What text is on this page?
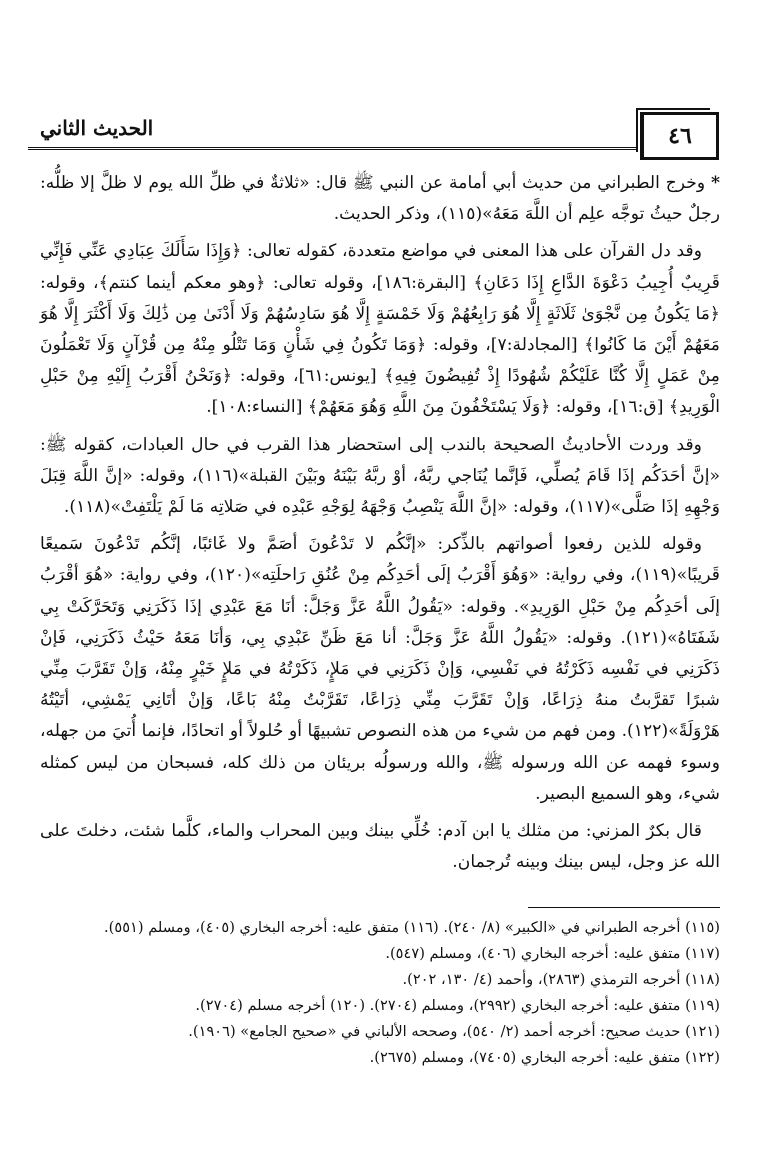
٤٦
الحديث الثاني

* وخرج الطبراني من حديث أبي أمامة عن النبي ﷺ قال: «ثلاثةٌ في ظلِّ الله يوم لا ظلَّ إلا ظلُّه: رجلٌ حيثُ توجَّه علِم أن اللَّهَ مَعَهُ»(١١٥)، وذكر الحديث.

وقد دل القرآن على هذا المعنى في مواضع متعددة، كقوله تعالى: ﴿وَإِذَا سَأَلَكَ عِبَادِي عَنِّي فَإِنِّي قَرِيبٌ أُجِيبُ دَعْوَةَ الدَّاعِ إِذَا دَعَانِ﴾ [البقرة:١٨٦]، وقوله تعالى: ﴿وهو معكم أينما كنتم﴾، وقوله: ﴿مَا يَكُونُ مِن نَّجْوَىٰ ثَلَاثَةٍ إِلَّا هُوَ رَابِعُهُمْ وَلَا خَمْسَةٍ إِلَّا هُوَ سَادِسُهُمْ وَلَا أَدْنَىٰ مِن ذَٰلِكَ وَلَا أَكْثَرَ إِلَّا هُوَ مَعَهُمْ أَيْنَ مَا كَانُوا﴾ [المجادلة:٧]، وقوله: ﴿وَمَا تَكُونُ فِي شَأْنٍ وَمَا تَتْلُو مِنْهُ مِن قُرْآنٍ وَلَا تَعْمَلُونَ مِنْ عَمَلٍ إِلَّا كُنَّا عَلَيْكُمْ شُهُودًا إِذْ تُفِيضُونَ فِيهِ﴾ [يونس:٦١]، وقوله: ﴿وَنَحْنُ أَقْرَبُ إِلَيْهِ مِنْ حَبْلِ الْوَرِيدِ﴾ [ق:١٦]، وقوله: ﴿وَلَا يَسْتَخْفُونَ مِنَ اللَّهِ وَهُوَ مَعَهُمْ﴾ [النساء:١٠٨].

وقد وردت الأحاديثُ الصحيحة بالندب إلى استحضار هذا القرب في حال العبادات، كقوله ﷺ: «إنَّ أحَدَكُم إذَا قَامَ يُصلِّي، فَإنَّما يُنَاجي ربَّهُ، أوْ ربَّهُ بَيْنَهُ وبَيْنَ القبلة»(١١٦)، وقوله: «إنَّ اللَّهَ قِبَلَ وَجْهِهِ إذَا صَلَّى»(١١٧)، وقوله: «إنَّ اللَّهَ يَنْصِبُ وَجْهَهُ لِوَجْهِ عَبْدِه في صَلاتِه مَا لَمْ يَلْتَفِتْ»(١١٨).

وقوله للذين رفعوا أصواتهم بالذِّكر: «إنَّكُم لا تَدْعُونَ أصَمَّ ولا غَائبًا، إنَّكُم تَدْعُونَ سَميعًا قَريبًا»(١١٩)، وفي رواية: «وَهُوَ أَقْرَبُ إلَى أحَدِكُم مِنْ عُنُقِ رَاحلَتِه»(١٢٠)، وفي رواية: «هُوَ أقْرَبُ إلَى أحَدِكُم مِنْ حَبْلِ الوَرِيدِ». وقوله: «يَقُولُ اللَّهُ عَزَّ وَجَلَّ: أنَا مَعَ عَبْدِي إذَا ذَكَرَنِي وَتَحَرَّكَتْ بِي شَفَتَاهُ»(١٢١). وقوله: «يَقُولُ اللَّهُ عَزَّ وَجَلَّ: أنا مَعَ ظَنِّ عَبْدِي بِي، وَأنَا مَعَهُ حَيْثُ ذَكَرَنِي، فَإنْ ذَكَرَنِي في نَفْسِه ذَكَرْتُهُ في نَفْسِي، وَإنْ ذَكَرَنِي في مَلإٍ، ذَكَرْتُهُ في مَلإٍ خَيْرٍ مِنْهُ، وَإنْ تَقَرَّبَ مِنِّي شبرًا تَقرَّبتُ منهُ ذِرَاعًا، وَإنْ تَقَرَّبَ مِنِّي ذِرَاعًا، تَقَرَّبْتُ مِنْهُ بَاعًا، وَإنْ أتَانِي يَمْشِي، أتَيْتُهُ هَرْوَلَةً»(١٢٢). ومن فهم من شيء من هذه النصوص تشبيهًا أو حُلولاً أو اتحادًا، فإنما أُتيَ من جهله، وسوء فهمه عن الله ورسوله ﷺ، والله ورسولُه بريئان من ذلك كله، فسبحان من ليس كمثله شيء، وهو السميع البصير.

قال بكرٌ المزني: من مثلك يا ابن آدم: خُلِّي بينك وبين المحراب والماء، كلَّما شئت، دخلتَ على الله عز وجل، ليس بينك وبينه تُرجمان.

(١١٥) أخرجه الطبراني في «الكبير» (٨/ ٢٤٠). (١١٦) متفق عليه: أخرجه البخاري (٤٠٥)، ومسلم (٥٥١).
(١١٧) متفق عليه: أخرجه البخاري (٤٠٦)، ومسلم (٥٤٧).
(١١٨) أخرجه الترمذي (٢٨٦٣)، وأحمد (٤/ ١٣٠، ٢٠٢).
(١١٩) متفق عليه: أخرجه البخاري (٢٩٩٢)، ومسلم (٢٧٠٤). (١٢٠) أخرجه مسلم (٢٧٠٤).
(١٢١) حديث صحيح: أخرجه أحمد (٢/ ٥٤٠)، وصححه الألباني في «صحيح الجامع» (١٩٠٦).
(١٢٢) متفق عليه: أخرجه البخاري (٧٤٠٥)، ومسلم (٢٦٧٥).
